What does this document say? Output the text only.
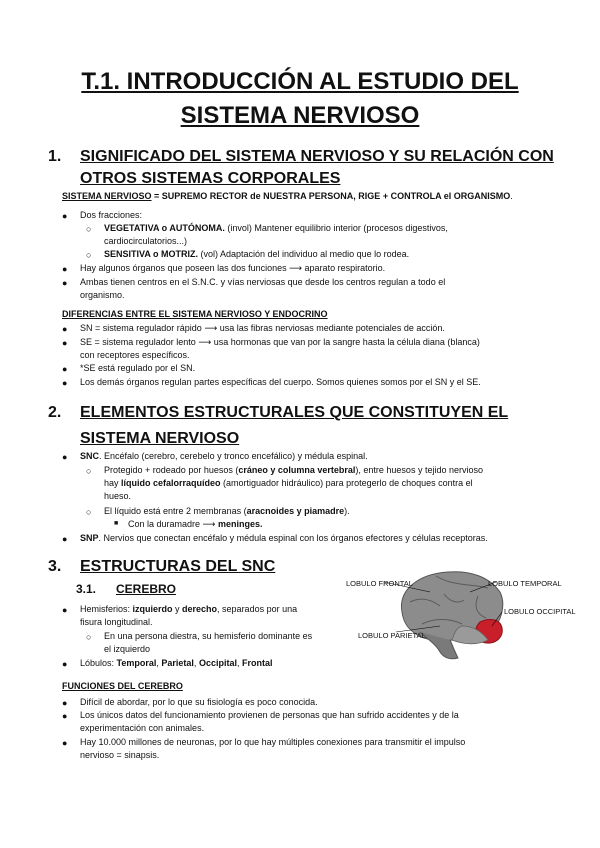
T.1. INTRODUCCIÓN AL ESTUDIO DEL
SISTEMA NERVIOSO
1. SIGNIFICADO DEL SISTEMA NERVIOSO Y SU RELACIÓN CON
OTROS SISTEMAS CORPORALES
SISTEMA NERVIOSO = SUPREMO RECTOR de NUESTRA PERSONA, RIGE + CONTROLA el ORGANISMO.
● Dos fracciones:
○ VEGETATIVA o AUTÓNOMA. (invol) Mantener equilibrio interior (procesos digestivos,
cardiocirculatorios...)
○ SENSITIVA o MOTRIZ. (vol) Adaptación del individuo al medio que lo rodea.
● Hay algunos órganos que poseen las dos funciones ⟶ aparato respiratorio.
● Ambas tienen centros en el S.N.C. y vías nerviosas que desde los centros regulan a todo el
organismo.
DIFERENCIAS ENTRE EL SISTEMA NERVIOSO Y ENDOCRINO
● SN = sistema regulador rápido ⟶ usa las fibras nerviosas mediante potenciales de acción.
● SE = sistema regulador lento ⟶ usa hormonas que van por la sangre hasta la célula diana (blanca)
con receptores específicos.
● *SE está regulado por el SN.
● Los demás órganos regulan partes específicas del cuerpo. Somos quienes somos por el SN y el SE.
2. ELEMENTOS ESTRUCTURALES QUE CONSTITUYEN EL
SISTEMA NERVIOSO
● SNC. Encéfalo (cerebro, cerebelo y tronco encefálico) y médula espinal.
○ Protegido + rodeado por huesos (cráneo y columna vertebral), entre huesos y tejido nervioso
hay líquido cefalorraquídeo (amortiguador hidráulico) para protegerlo de choques contra el
hueso.
○ El líquido está entre 2 membranas (aracnoides y piamadre).
■ Con la duramadre ⟶ meninges.
● SNP. Nervios que conectan encéfalo y médula espinal con los órganos efectores y células receptoras.
3. ESTRUCTURAS DEL SNC
3.1. CEREBRO
● Hemisferios: izquierdo y derecho, separados por una
fisura longitudinal.
○ En una persona diestra, su hemisferio dominante es
el izquierdo
● Lóbulos: Temporal, Parietal, Occipital, Frontal
FUNCIONES DEL CEREBRO
● Difícil de abordar, por lo que su fisiología es poco conocida.
● Los únicos datos del funcionamiento provienen de personas que han sufrido accidentes y de la
experimentación con animales.
● Hay 10.000 millones de neuronas, por lo que hay múltiples conexiones para transmitir el impulso
nervioso = sinapsis.
LOBULO FRONTAL	LOBULO TEMPORAL
LOBULO OCCIPITAL
LOBULO PARIETAL
